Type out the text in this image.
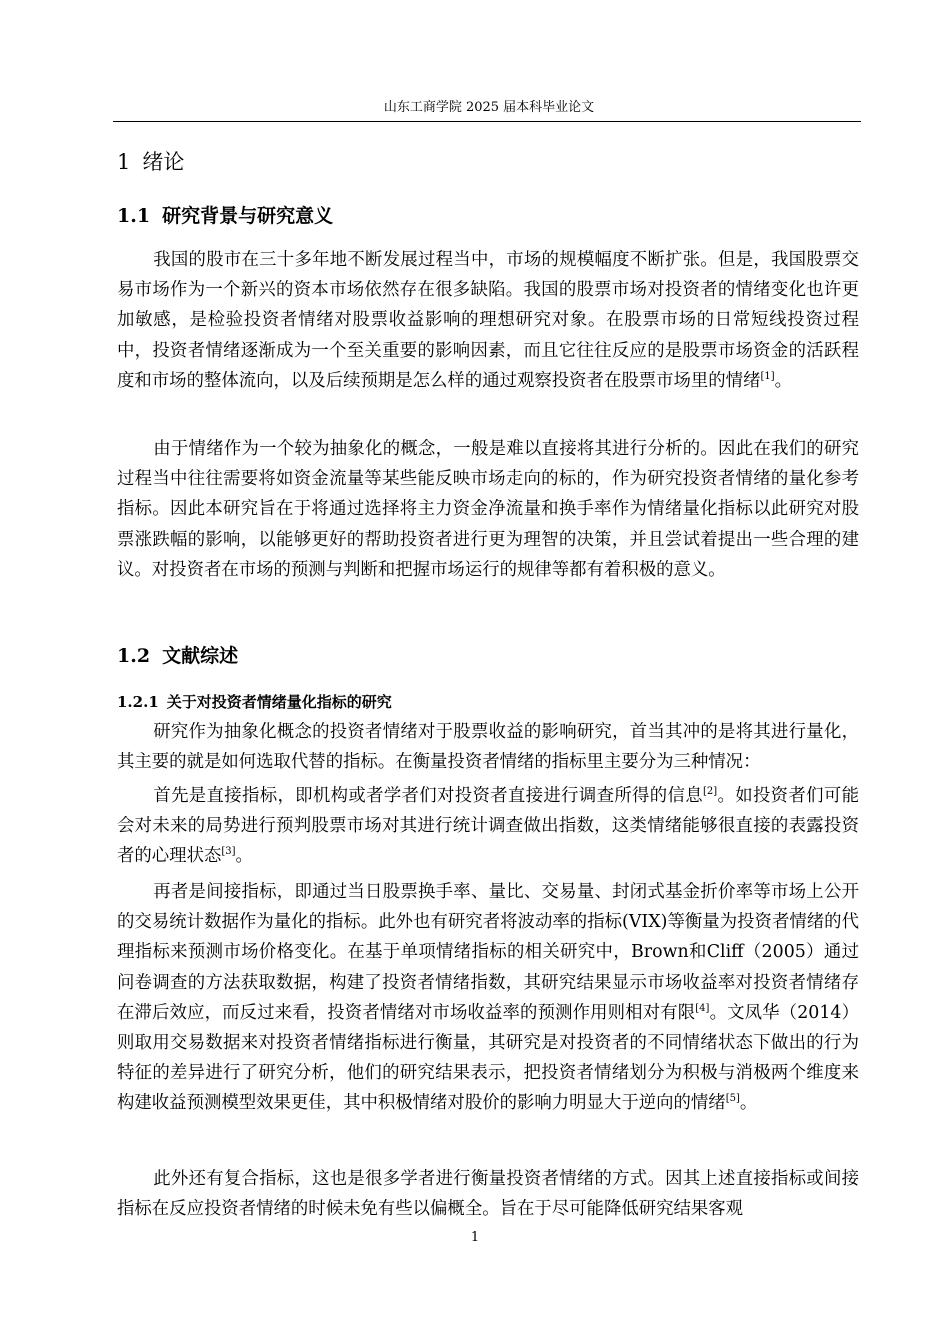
山东工商学院 2025 届本科毕业论文
1 绪论
1.1 研究背景与研究意义

我国的股市在三十多年地不断发展过程当中，市场的规模幅度不断扩张。但是，我国股票交易市场作为一个新兴的资本市场依然存在很多缺陷。我国的股票市场对投资者的情绪变化也许更加敏感，是检验投资者情绪对股票收益影响的理想研究对象。在股票市场的日常短线投资过程中，投资者情绪逐渐成为一个至关重要的影响因素，而且它往往反应的是股票市场资金的活跃程度和市场的整体流向，以及后续预期是怎么样的通过观察投资者在股票市场里的情绪[1]。

由于情绪作为一个较为抽象化的概念，一般是难以直接将其进行分析的。因此在我们的研究过程当中往往需要将如资金流量等某些能反映市场走向的标的，作为研究投资者情绪的量化参考指标。因此本研究旨在于将通过选择将主力资金净流量和换手率作为情绪量化指标以此研究对股票涨跌幅的影响，以能够更好的帮助投资者进行更为理智的决策，并且尝试着提出一些合理的建议。对投资者在市场的预测与判断和把握市场运行的规律等都有着积极的意义。

1.2 文献综述
1.2.1 关于对投资者情绪量化指标的研究

研究作为抽象化概念的投资者情绪对于股票收益的影响研究，首当其冲的是将其进行量化，其主要的就是如何选取代替的指标。在衡量投资者情绪的指标里主要分为三种情况：

首先是直接指标，即机构或者学者们对投资者直接进行调查所得的信息[2]。如投资者们可能会对未来的局势进行预判股票市场对其进行统计调查做出指数，这类情绪能够很直接的表露投资者的心理状态[3]。

再者是间接指标，即通过当日股票换手率、量比、交易量、封闭式基金折价率等市场上公开的交易统计数据作为量化的指标。此外也有研究者将波动率的指标(VIX)等衡量为投资者情绪的代理指标来预测市场价格变化。在基于单项情绪指标的相关研究中，Brown和Cliff（2005）通过问卷调查的方法获取数据，构建了投资者情绪指数，其研究结果显示市场收益率对投资者情绪存在滞后效应，而反过来看，投资者情绪对市场收益率的预测作用则相对有限[4]。文凤华（2014）则取用交易数据来对投资者情绪指标进行衡量，其研究是对投资者的不同情绪状态下做出的行为特征的差异进行了研究分析，他们的研究结果表示，把投资者情绪划分为积极与消极两个维度来构建收益预测模型效果更佳，其中积极情绪对股价的影响力明显大于逆向的情绪[5]。

此外还有复合指标，这也是很多学者进行衡量投资者情绪的方式。因其上述直接指标或间接指标在反应投资者情绪的时候未免有些以偏概全。旨在于尽可能降低研究结果客观

1
